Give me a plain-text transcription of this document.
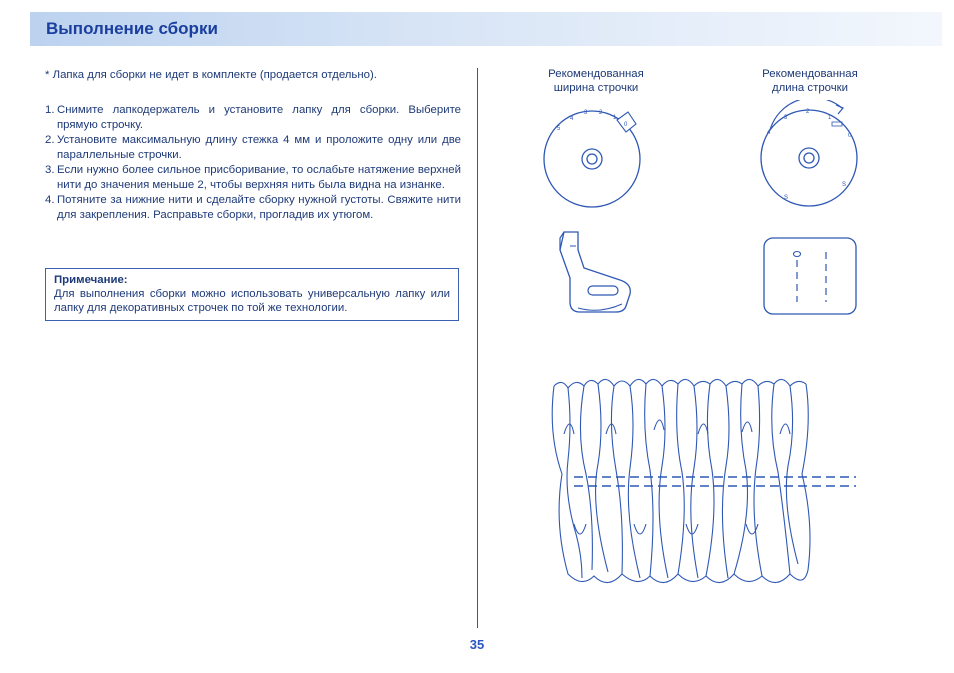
Выполнение сборки

* Лапка для сборки не идет в комплекте (продается отдельно).

1. Снимите лапкодержатель и установите лапку для сборки. Выберите прямую строчку.
2. Установите максимальную длину стежка 4 мм и проложите одну или две параллельные строчки.
3. Если нужно более сильное присборивание, то ослабьте натяжение верхней нити до значения меньше 2, чтобы верхняя нить была видна на изнанке.
4. Потяните за нижние нити и сделайте сборку нужной густоты. Свяжите нити для закрепления. Расправьте сборки, прогладив их утюгом.
Примечание:
Для выполнения сборки можно использовать универсальную лапку или лапку для декоративных строчек по той же технологии.
Рекомендованная ширина строчки
Рекомендованная длина строчки
5
4
3 2
1
0
4
3
2
1
0
S
S
35
